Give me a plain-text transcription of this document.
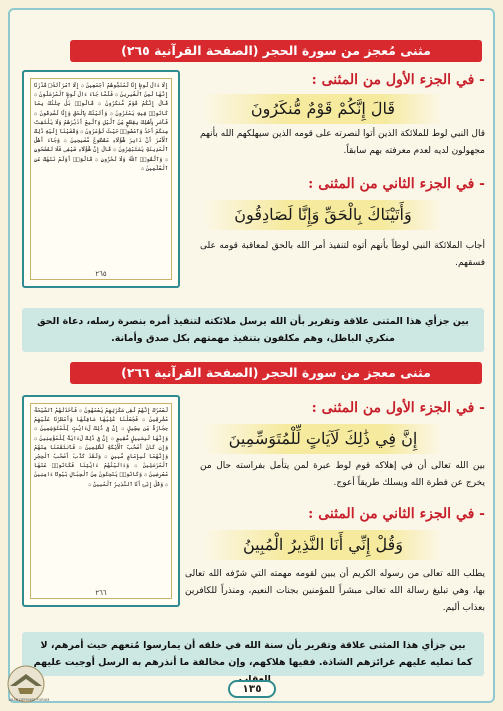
مثنى مُعجز من سورة الحجر (الصفحة القرآنية ٢٦٥)
إِلَّا ءَالَ لُوطٍ إِنَّا لَمُنَجُّوهُمْ أَجْمَعِينَ ۞ إِلَّا ٱمْرَأَتَهُۥ قَدَّرْنَآ إِنَّهَا لَمِنَ ٱلْغَٰبِرِينَ ۞ فَلَمَّا جَآءَ ءَالَ لُوطٍ ٱلْمُرْسَلُونَ ۞ قَالَ إِنَّكُمْ قَوْمٌ مُّنكَرُونَ ۞ قَالُوا۟ بَلْ جِئْنَٰكَ بِمَا كَانُوا۟ فِيهِ يَمْتَرُونَ ۞ وَأَتَيْنَٰكَ بِٱلْحَقِّ وَإِنَّا لَصَٰدِقُونَ ۞ فَأَسْرِ بِأَهْلِكَ بِقِطْعٍ مِّنَ ٱلَّيْلِ وَٱتَّبِعْ أَدْبَٰرَهُمْ وَلَا يَلْتَفِتْ مِنكُمْ أَحَدٌ وَٱمْضُوا۟ حَيْثُ تُؤْمَرُونَ ۞ وَقَضَيْنَآ إِلَيْهِ ذَٰلِكَ ٱلْأَمْرَ أَنَّ دَابِرَ هَٰٓؤُلَآءِ مَقْطُوعٌ مُّصْبِحِينَ ۞ وَجَآءَ أَهْلُ ٱلْمَدِينَةِ يَسْتَبْشِرُونَ ۞ قَالَ إِنَّ هَٰٓؤُلَآءِ ضَيْفِى فَلَا تَفْضَحُونِ ۞ وَٱتَّقُوا۟ ٱللَّهَ وَلَا تُخْزُونِ ۞ قَالُوٓا۟ أَوَلَمْ نَنْهَكَ عَنِ ٱلْعَٰلَمِينَ ۞
٢٦٥
- في الجزء الأول من المثنى :
قَالَ إِنَّكُمْ قَوْمٌ مُّنكَرُونَ
قال النبي لوط للملائكة الذين أتوا لنصرته على قومه الذين سيهلكهم الله بأنهم مجهولون لديه لعدم معرفته بهم سابقاً.
- في الجزء الثاني من المثنى :
وَأَتَيْنَاكَ بِالْحَقِّ وَإِنَّا لَصَادِقُونَ
أجاب الملائكة النبي لوطاً بأنهم أتوه لتنفيذ أمر الله بالحق لمعاقبة قومه على فسقهم.
بين جزأي هذا المثنى علاقة وتقرير بأن الله يرسل ملائكته لتنفيذ أمره بنصرة رسله، دعاة الحق منكري الباطل، وهم مكلفون بتنفيذ مهمتهم بكل صدق وأمانة.
مثنى معجز من سورة الحجر (الصفحة القرآنية ٢٦٦)
لَعَمْرُكَ إِنَّهُمْ لَفِى سَكْرَتِهِمْ يَعْمَهُونَ ۞ فَأَخَذَتْهُمُ ٱلصَّيْحَةُ مُشْرِقِينَ ۞ فَجَعَلْنَا عَٰلِيَهَا سَافِلَهَا وَأَمْطَرْنَا عَلَيْهِمْ حِجَارَةً مِّن سِجِّيلٍ ۞ إِنَّ فِى ذَٰلِكَ لَءَايَٰتٍ لِّلْمُتَوَسِّمِينَ ۞ وَإِنَّهَا لَبِسَبِيلٍ مُّقِيمٍ ۞ إِنَّ فِى ذَٰلِكَ لَءَايَةً لِّلْمُؤْمِنِينَ ۞ وَإِن كَانَ أَصْحَٰبُ ٱلْأَيْكَةِ لَظَٰلِمِينَ ۞ فَٱنتَقَمْنَا مِنْهُمْ وَإِنَّهُمَا لَبِإِمَامٍ مُّبِينٍ ۞ وَلَقَدْ كَذَّبَ أَصْحَٰبُ ٱلْحِجْرِ ٱلْمُرْسَلِينَ ۞ وَءَاتَيْنَٰهُمْ ءَايَٰتِنَا فَكَانُوا۟ عَنْهَا مُعْرِضِينَ ۞ وَكَانُوا۟ يَنْحِتُونَ مِنَ ٱلْجِبَالِ بُيُوتًا ءَامِنِينَ ۞ وَقُلْ إِنِّىٓ أَنَا ٱلنَّذِيرُ ٱلْمُبِينُ ۞
٢٦٦
- في الجزء الأول من المثنى :
إِنَّ فِي ذَٰلِكَ لَآيَاتٍ لِّلْمُتَوَسِّمِينَ
بين الله تعالى أن في إهلاكه قوم لوط عبرة لمن يتأمل بفراسته حال من يخرج عن فطرة الله ويسلك طريقاً أعوج.
- في الجزء الثاني من المثنى :
وَقُلْ إِنِّي أَنَا النَّذِيرُ الْمُبِينُ
يطلب الله تعالى من رسوله الكريم أن يبين لقومه مهمته التي شرّفه الله تعالى بها، وهي تبليغ رسالة الله تعالى مبشراً للمؤمنين بجنات النعيم، ومنذراً للكافرين بعذاب أليم.
بين جزأي هذا المثنى علاقة وتقرير بأن سنة الله في خلقه أن يمارسوا مُتعهم حيث أمرهم، لا كما تمليه عليهم غرائزهم الشاذة. ففيها هلاكهم، وإن مخالفة ما أنذرهم به الرسل أوجبت عليهم
ARAB DEFENSE FORUM
١٣٥
